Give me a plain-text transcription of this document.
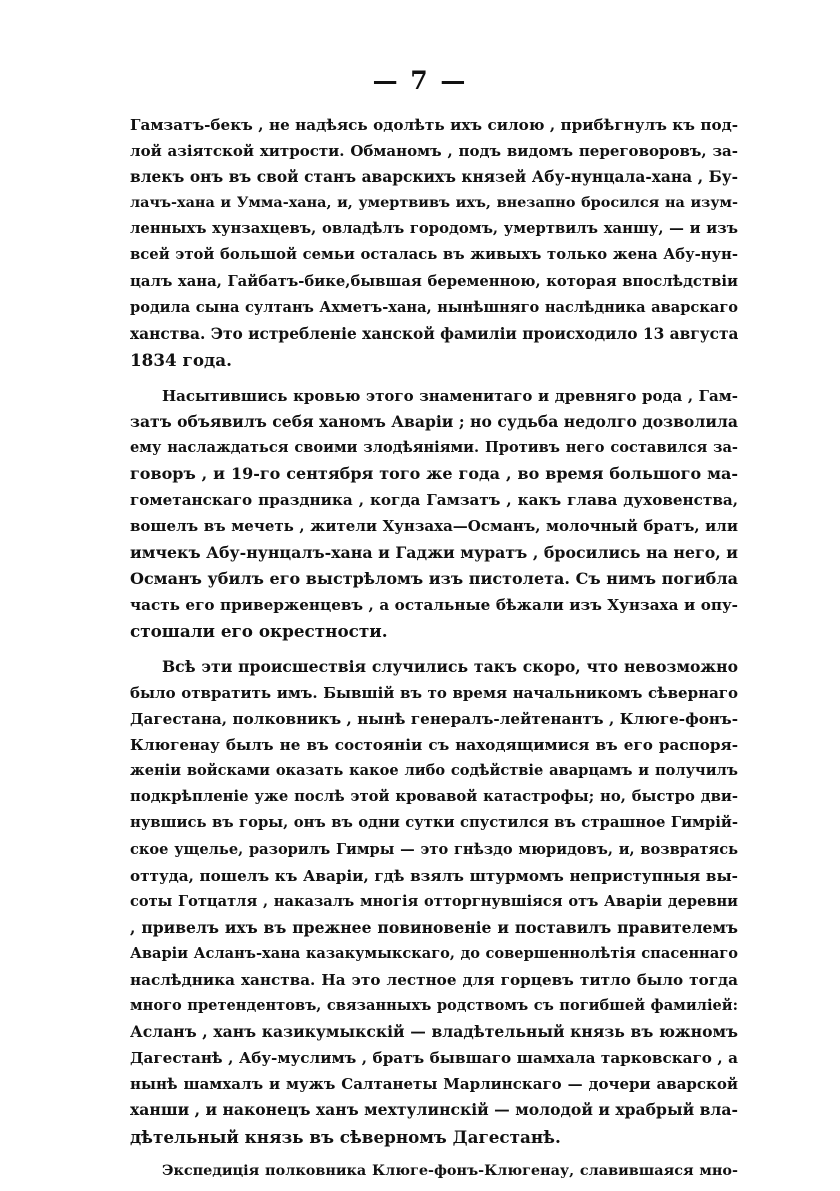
— 7 —
Гамзатъ-бекъ , не надѣясь одолѣть ихъ силою , прибѣгнулъ къ под-
лой азіятской хитрости. Обманомъ , подъ видомъ переговоровъ, за-
влекъ онъ въ свой станъ аварскихъ князей Абу-нунцала-хана , Бу-
лачъ-хана и Умма-хана, и, умертвивъ ихъ, внезапно бросился на изум-
ленныхъ хунзахцевъ, овладѣлъ городомъ, умертвилъ ханшу, — и изъ
всей этой большой семьи осталась въ живыхъ только жена Абу-нун-
цалъ хана, Гайбатъ-бике,бывшая беременною, которая впослѣдствіи
родила сына султанъ Ахметъ-хана, нынѣшняго наслѣдника аварскаго
ханства. Это истребленіе ханской фамиліи происходило 13 августа
1834 года.
Насытившись кровью этого знаменитаго и древняго рода , Гам-
затъ объявилъ себя ханомъ Аваріи ; но судьба недолго дозволила
ему наслаждаться своими злодѣяніями. Противъ него составился за-
говоръ , и 19-го сентября того же года , во время большого ма-
гометанскаго праздника , когда Гамзатъ , какъ глава духовенства,
вошелъ въ мечеть , жители Хунзаха—Османъ, молочный братъ, или
имчекъ Абу-нунцалъ-хана и Гаджи муратъ , бросились на него, и
Османъ убилъ его выстрѣломъ изъ пистолета. Съ нимъ погибла
часть его приверженцевъ , а остальные бѣжали изъ Хунзаха и опу-
стошали его окрестности.
Всѣ эти происшествія случились такъ скоро, что невозможно
было отвратить имъ. Бывшій въ то время начальникомъ сѣвернаго
Дагестана, полковникъ , нынѣ генералъ-лейтенантъ , Клюге-фонъ-
Клюгенау былъ не въ состояніи съ находящимися въ его распоря-
женіи войсками оказать какое либо содѣйствіе аварцамъ и получилъ
подкрѣпленіе уже послѣ этой кровавой катастрофы; но, быстро дви-
нувшись въ горы, онъ въ одни сутки спустился въ страшное Гимрій-
ское ущелье, разорилъ Гимры — это гнѣздо мюридовъ, и, возвратясь
оттуда, пошелъ къ Аваріи, гдѣ взялъ штурмомъ неприступныя вы-
соты Готцатля , наказалъ многія отторгнувшіяся отъ Аваріи деревни
, привелъ ихъ въ прежнее повиновеніе и поставилъ правителемъ
Аваріи Асланъ-хана казакумыкскаго, до совершеннолѣтія спасеннаго
наслѣдника ханства. На это лестное для горцевъ титло было тогда
много претендентовъ, связанныхъ родствомъ съ погибшей фамиліей:
Асланъ , ханъ казикумыкскій — владѣтельный князь въ южномъ
Дагестанѣ , Абу-муслимъ , братъ бывшаго шамхала тарковскаго , а
нынѣ шамхалъ и мужъ Салтанеты Марлинскаго — дочери аварской
ханши , и наконецъ ханъ мехтулинскій — молодой и храбрый вла-
дѣтельный князь въ сѣверномъ Дагестанѣ.
Экспедиція полковника Клюге-фонъ-Клюгенау, славившаяся мно-
